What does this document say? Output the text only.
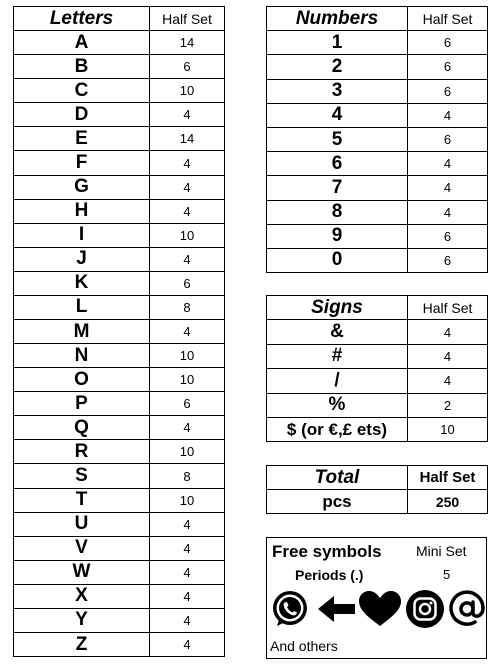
Letters	Half Set
A	14
B	6
C	10
D	4
E	14
F	4
G	4
H	4
I	10
J	4
K	6
L	8
M	4
N	10
O	10
P	6
Q	4
R	10
S	8
T	10
U	4
V	4
W	4
X	4
Y	4
Z	4
Numbers	Half Set
1	6
2	6
3	6
4	4
5	6
6	4
7	4
8	4
9	6
0	6
Signs	Half Set
&	4
#	4
/	4
%	2
$ (or €,£ ets)	10
Total	Half Set
pcs	250
Free symbols Mini Set
Periods (.)	5
And others
